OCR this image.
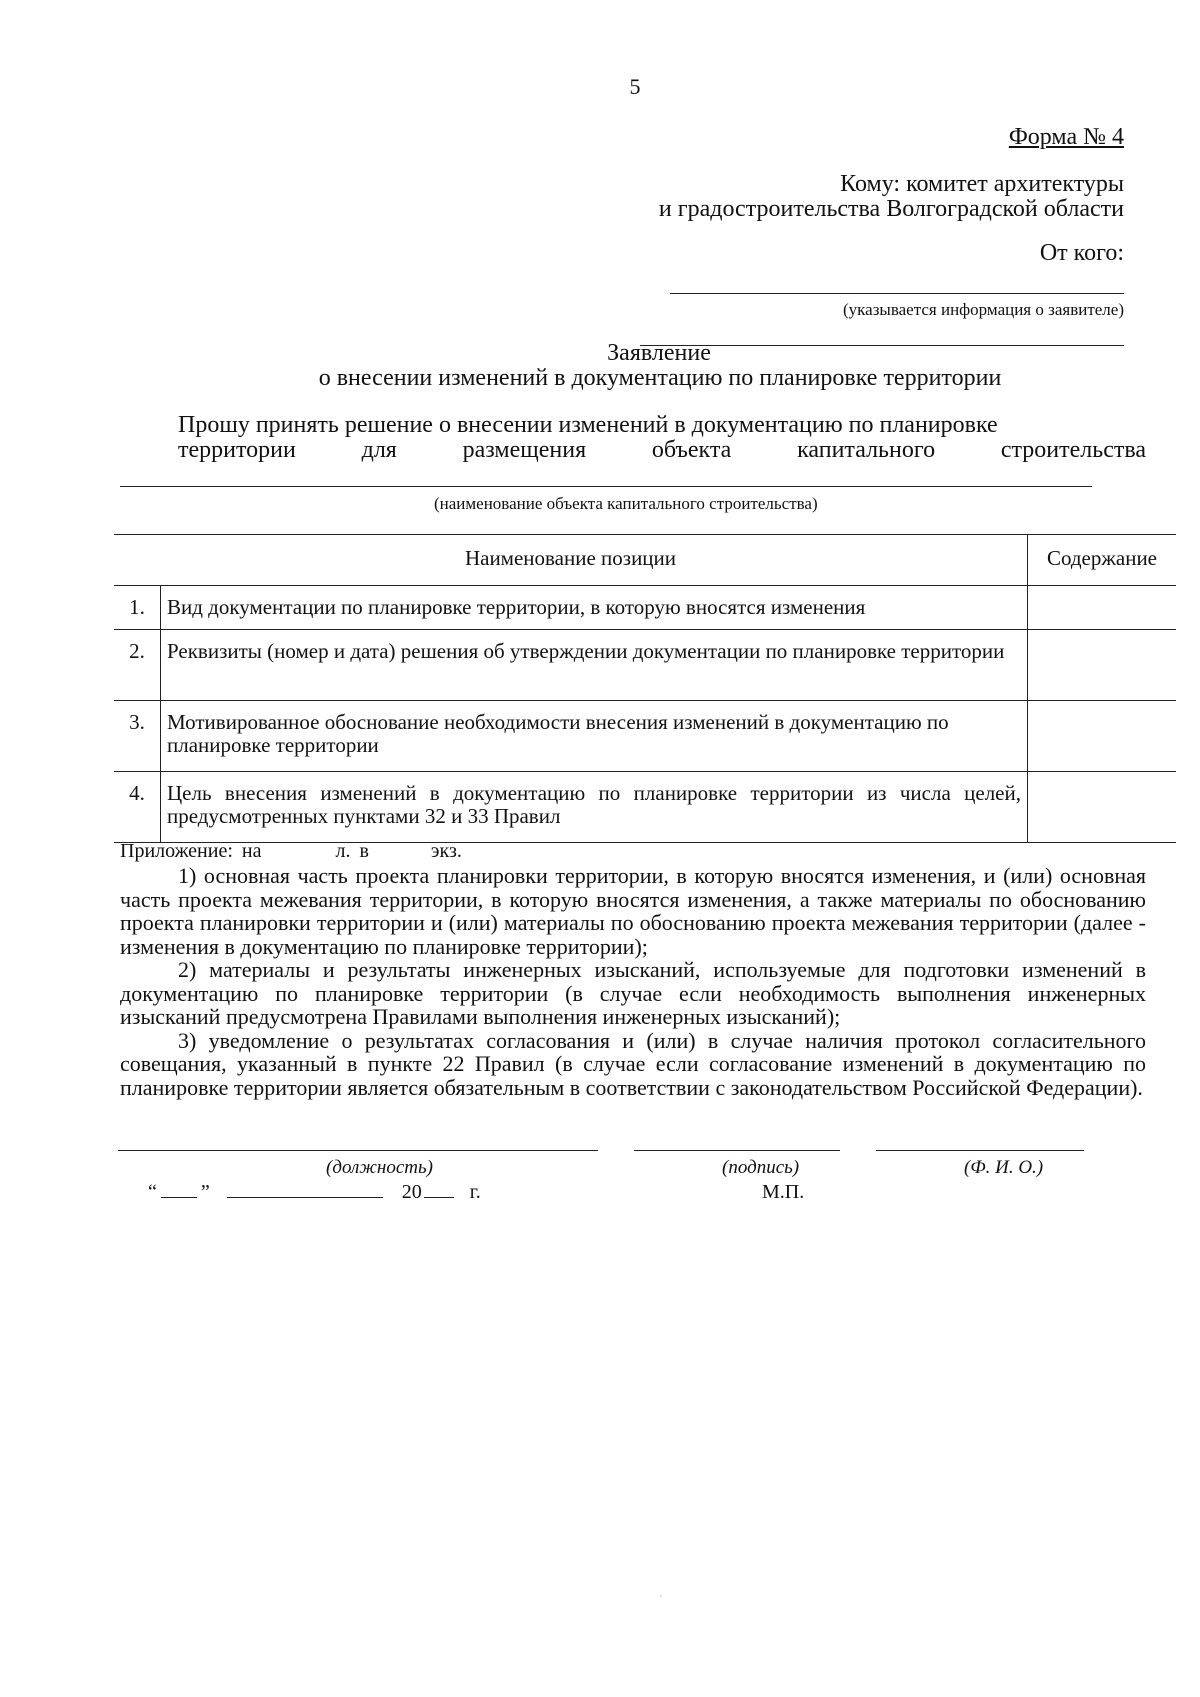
5
Форма № 4
Кому: комитет архитектуры
и градостроительства Волгоградской области
От кого:
(указывается информация о заявителе)
Заявление
о внесении изменений в документацию по планировке территории
Прошу принять решение о внесении изменений в документацию по планировке
территории для размещения объекта капитального строительства
(наименование объекта капитального строительства)
Наименование позиции		Содержание
1.	Вид документации по планировке территории, в которую вносятся изменения	
2.	Реквизиты (номер и дата) решения об утверждении документации по планировке территории	
3.	Мотивированное обоснование необходимости внесения изменений в документацию по планировке территории	
4.	Цель внесения изменений в документацию по планировке территории из числа целей, предусмотренных пунктами 32 и 33 Правил	
Приложение: на	л. в	экз.

1) основная часть проекта планировки территории, в которую вносятся изменения, и (или) основная часть проекта межевания территории, в которую вносятся изменения, а также материалы по обоснованию проекта планировки территории и (или) материалы по обоснованию проекта межевания территории (далее - изменения в документацию по планировке территории);

2) материалы и результаты инженерных изысканий, используемые для подготовки изменений в документацию по планировке территории (в случае если необходимость выполнения инженерных изысканий предусмотрена Правилами выполнения инженерных изысканий);

3) уведомление о результатах согласования и (или) в случае наличия протокол согласительного совещания, указанный в пункте 22 Правил (в случае если согласование изменений в документацию по планировке территории является обязательным в соответствии с законодательством Российской Федерации).

(должность)	(подпись)	(Ф. И. О.)
“ ”	20 г.	М.П.
